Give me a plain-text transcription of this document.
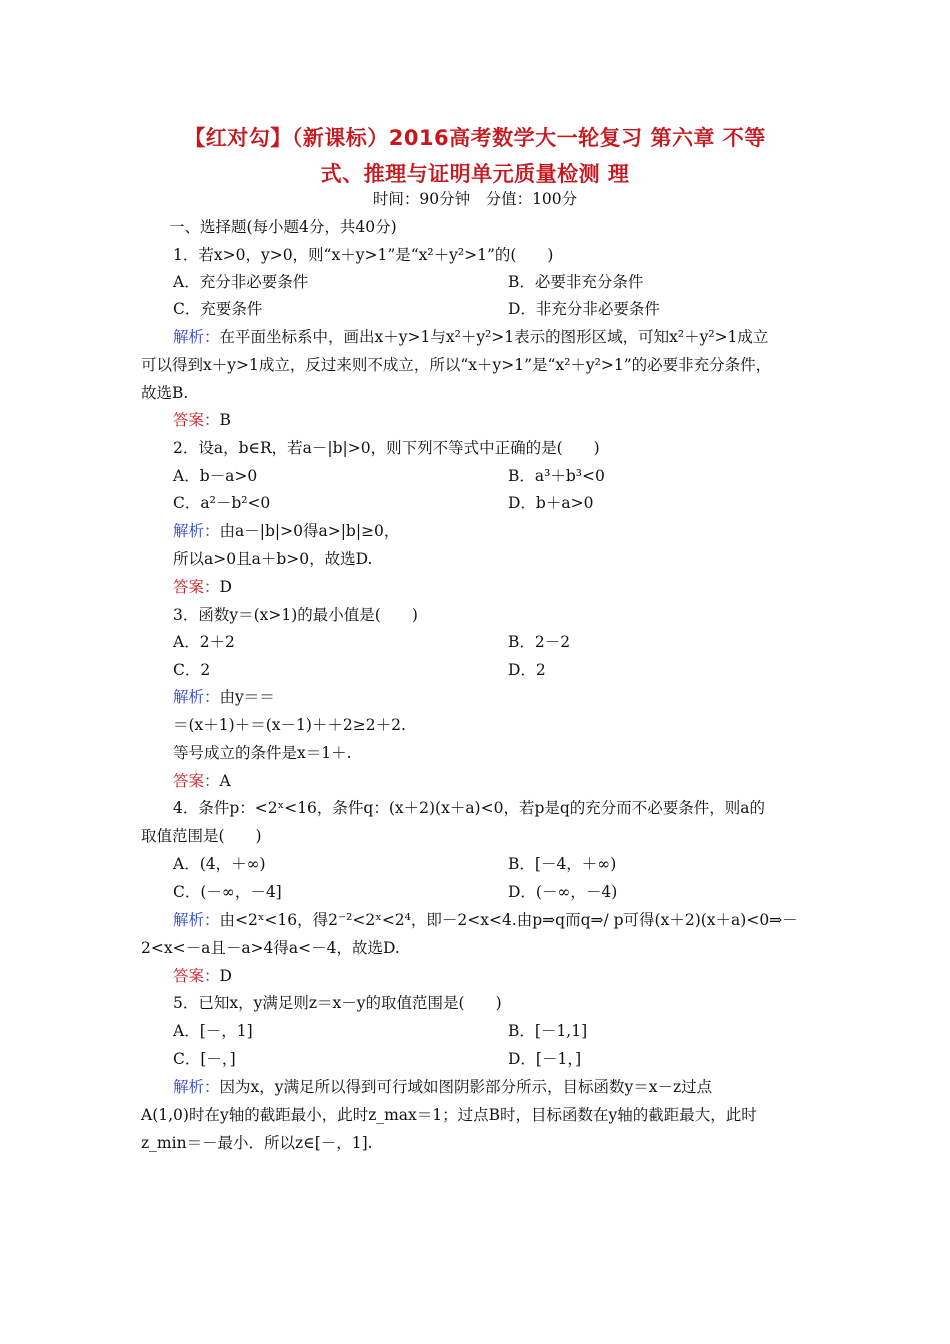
【红对勾】（新课标）2016高考数学大一轮复习 第六章 不等
式、推理与证明单元质量检测 理
时间：90分钟　分值：100分
一、选择题(每小题4分，共40分)
1．若x>0，y>0，则“x＋y>1”是“x²＋y²>1”的(　　)
A．充分非必要条件	B．必要非充分条件
C．充要条件	D．非充分非必要条件
解析：在平面坐标系中，画出x＋y>1与x²＋y²>1表示的图形区域，可知x²＋y²>1成立
可以得到x＋y>1成立，反过来则不成立，所以“x＋y>1”是“x²＋y²>1”的必要非充分条件，
故选B.
答案：B
2．设a，b∈R，若a－|b|>0，则下列不等式中正确的是(　　)
A．b－a>0	B．a³＋b³<0
C．a²－b²<0	D．b＋a>0
解析：由a－|b|>0得a>|b|≥0，
所以a>0且a＋b>0，故选D.
答案：D
3．函数y＝(x>1)的最小值是(　　)
A．2＋2	B．2－2
C．2	D．2
解析：由y＝＝
＝(x＋1)＋＝(x－1)＋＋2≥2＋2.
等号成立的条件是x＝1＋.
答案：A
4．条件p：<2ˣ<16，条件q：(x＋2)(x＋a)<0，若p是q的充分而不必要条件，则a的
取值范围是(　　)
A．(4，＋∞)	B．[－4，＋∞)
C．(－∞，－4]	D．(－∞，－4)
解析：由<2ˣ<16，得2⁻²<2ˣ<2⁴，即－2<x<4.由p⇒q而q⇒/ p可得(x＋2)(x＋a)<0⇒－
2<x<－a且－a>4得a<－4，故选D.
答案：D
5．已知x，y满足则z＝x－y的取值范围是(　　)
A．[－，1]	B．[－1,1]
C．[－，]	D．[－1，]
解析：因为x，y满足所以得到可行域如图阴影部分所示，目标函数y＝x－z过点
A(1,0)时在y轴的截距最小，此时z_max＝1；过点B时，目标函数在y轴的截距最大，此时
z_min＝－最小．所以z∈[－，1].
